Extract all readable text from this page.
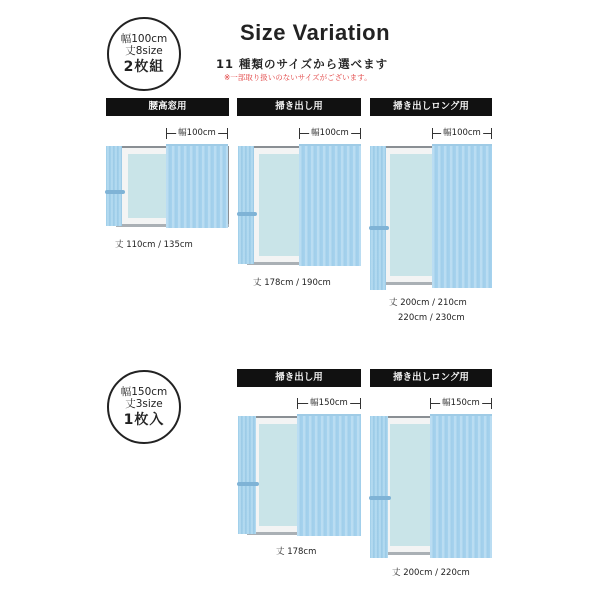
幅100cm
丈8size
2枚組
Size Variation
11 種類のサイズから選べます
※一部取り扱いのないサイズがございます。
腰高窓用
幅100cm
丈 110cm / 135cm
掃き出し用
幅100cm
丈 178cm / 190cm
掃き出しロング用
幅100cm
丈 200cm / 210cm
220cm / 230cm
幅150cm
丈3size
1枚入
掃き出し用
幅150cm
丈 178cm
掃き出しロング用
幅150cm
丈 200cm / 220cm
